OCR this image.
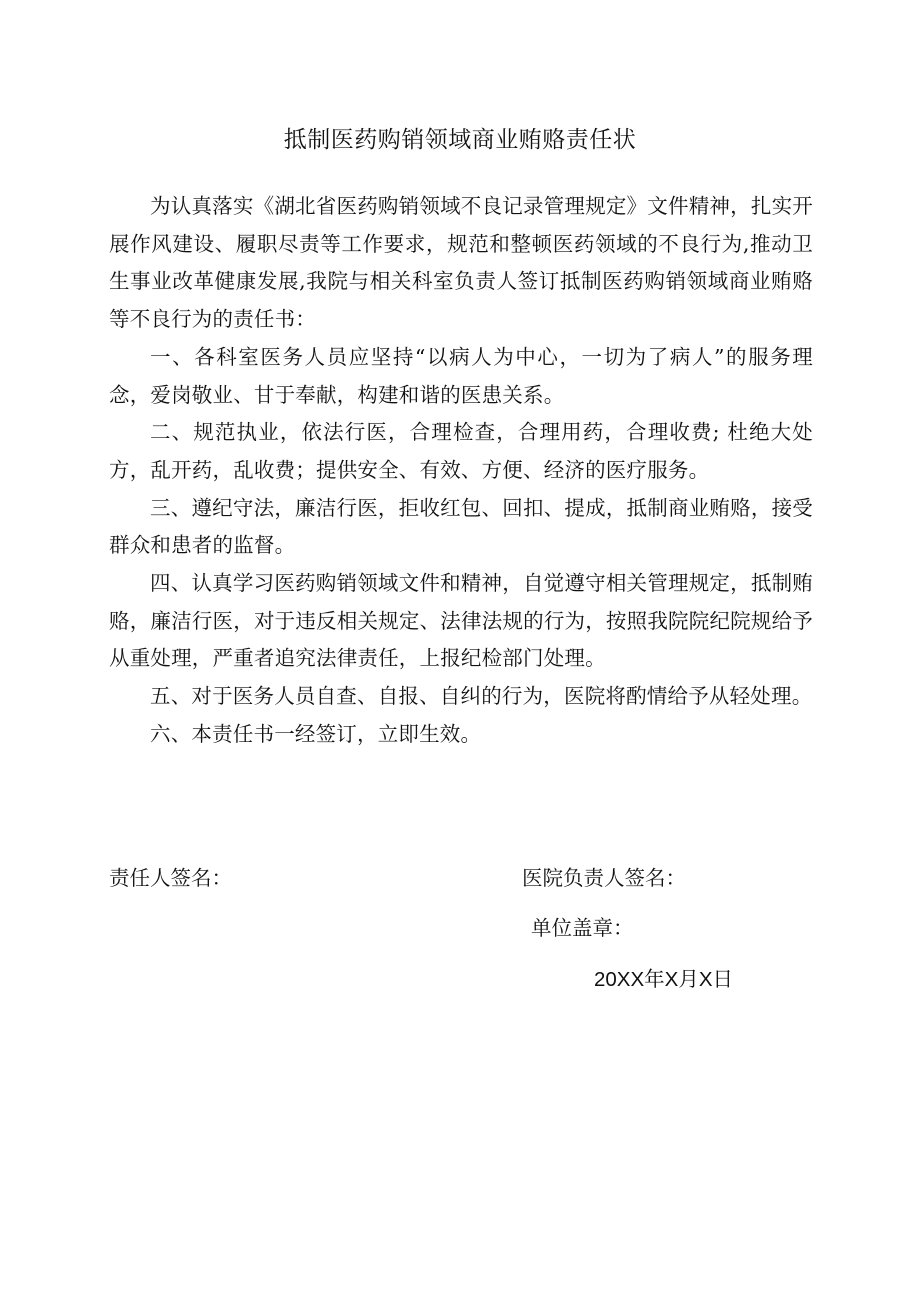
抵制医药购销领域商业贿赂责任状

为认真落实《湖北省医药购销领域不良记录管理规定》文件精神，扎实开展作风建设、履职尽责等工作要求，规范和整顿医药领域的不良行为,推动卫生事业改革健康发展,我院与相关科室负责人签订抵制医药购销领域商业贿赂等不良行为的责任书：

一、各科室医务人员应坚持“以病人为中心，一切为了病人”的服务理念，爱岗敬业、甘于奉献，构建和谐的医患关系。

二、规范执业，依法行医，合理检查，合理用药，合理收费; 杜绝大处方，乱开药，乱收费；提供安全、有效、方便、经济的医疗服务。

三、遵纪守法，廉洁行医，拒收红包、回扣、提成，抵制商业贿赂，接受群众和患者的监督。

四、认真学习医药购销领域文件和精神，自觉遵守相关管理规定，抵制贿赂，廉洁行医，对于违反相关规定、法律法规的行为，按照我院院纪院规给予从重处理，严重者追究法律责任，上报纪检部门处理。

五、对于医务人员自查、自报、自纠的行为，医院将酌情给予从轻处理。

六、本责任书一经签订，立即生效。

责任人签名：	医院负责人签名：
单位盖章：
20XX年X月X日
